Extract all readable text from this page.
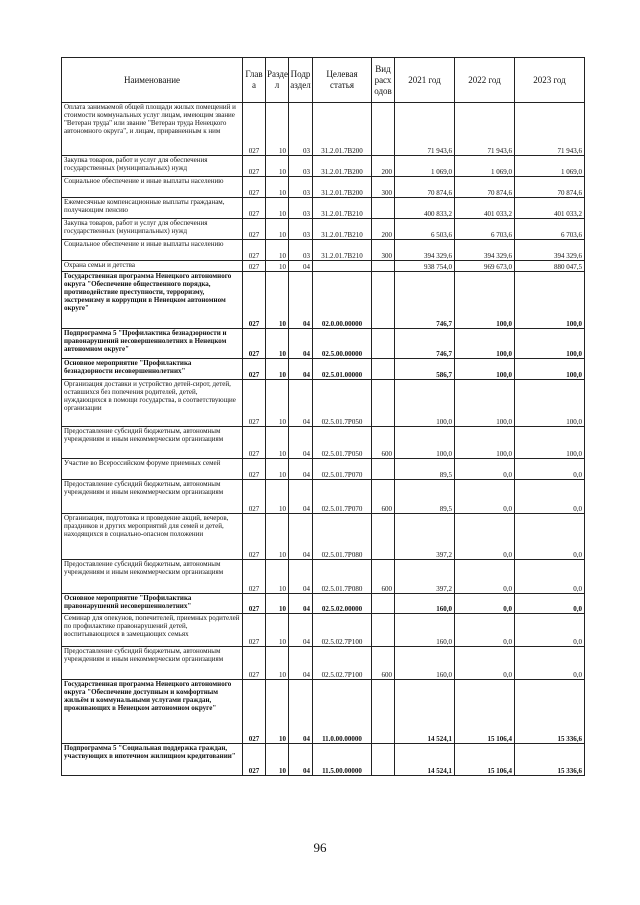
Наименование	Глав а	Разде л	Подр аздел	Целевая статья	Вид расх одов	2021 год	2022 год	2023 год
Оплата занимаемой общей площади жилых помещений и стоимости коммунальных услуг лицам, имеющим звание "Ветеран труда" или звание "Ветеран труда Ненецкого автономного округа", и лицам, приравненным к ним	027	10	03	31.2.01.7В200		71 943,6	71 943,6	71 943,6
Закупка товаров, работ и услуг для обеспечения государственных (муниципальных) нужд	027	10	03	31.2.01.7В200	200	1 069,0	1 069,0	1 069,0
Социальное обеспечение и иные выплаты населению	027	10	03	31.2.01.7В200	300	70 874,6	70 874,6	70 874,6
Ежемесячные компенсационные выплаты гражданам, получающим пенсию	027	10	03	31.2.01.7В210		400 833,2	401 033,2	401 033,2
Закупка товаров, работ и услуг для обеспечения государственных (муниципальных) нужд	027	10	03	31.2.01.7В210	200	6 503,6	6 703,6	6 703,6
Социальное обеспечение и иные выплаты населению	027	10	03	31.2.01.7В210	300	394 329,6	394 329,6	394 329,6
Охрана семьи и детства	027	10	04			938 754,0	969 673,0	880 047,5
Государственная программа Ненецкого автономного округа "Обеспечение общественного порядка, противодействие преступности, терроризму, экстремизму и коррупции в Ненецком автономном округе"	027	10	04	02.0.00.00000		746,7	100,0	100,0
Подпрограмма 5 "Профилактика безнадзорности и правонарушений несовершеннолетних в Ненецком автономном округе"	027	10	04	02.5.00.00000		746,7	100,0	100,0
Основное мероприятие "Профилактика безнадзорности несовершеннолетних"	027	10	04	02.5.01.00000		586,7	100,0	100,0
Организация доставки и устройство детей-сирот, детей, оставшихся без попечения родителей, детей, нуждающихся в помощи государства, в соответствующие организации	027	10	04	02.5.01.7Р050		100,0	100,0	100,0
Предоставление субсидий бюджетным, автономным учреждениям и иным некоммерческим организациям	027	10	04	02.5.01.7Р050	600	100,0	100,0	100,0
Участие во Всероссийском форуме приемных семей	027	10	04	02.5.01.7Р070		89,5	0,0	0,0
Предоставление субсидий бюджетным, автономным учреждениям и иным некоммерческим организациям	027	10	04	02.5.01.7Р070	600	89,5	0,0	0,0
Организация, подготовка и проведение акций, вечеров, праздников и других мероприятий для семей и детей, находящихся в социально-опасном положении	027	10	04	02.5.01.7Р080		397,2	0,0	0,0
Предоставление субсидий бюджетным, автономным учреждениям и иным некоммерческим организациям	027	10	04	02.5.01.7Р080	600	397,2	0,0	0,0
Основное мероприятие "Профилактика правонарушений несовершеннолетних"	027	10	04	02.5.02.00000		160,0	0,0	0,0
Семинар для опекунов, попечителей, приемных родителей по профилактике правонарушений детей, воспитывающихся в замещающих семьях	027	10	04	02.5.02.7Р100		160,0	0,0	0,0
Предоставление субсидий бюджетным, автономным учреждениям и иным некоммерческим организациям	027	10	04	02.5.02.7Р100	600	160,0	0,0	0,0
Государственная программа Ненецкого автономного округа "Обеспечение доступным и комфортным жильём и коммунальными услугами граждан, проживающих в Ненецком автономном округе"	027	10	04	11.0.00.00000		14 524,1	15 106,4	15 336,6
Подпрограмма 5 "Социальная поддержка граждан, участвующих в ипотечном жилищном кредитовании"	027	10	04	11.5.00.00000		14 524,1	15 106,4	15 336,6
96
